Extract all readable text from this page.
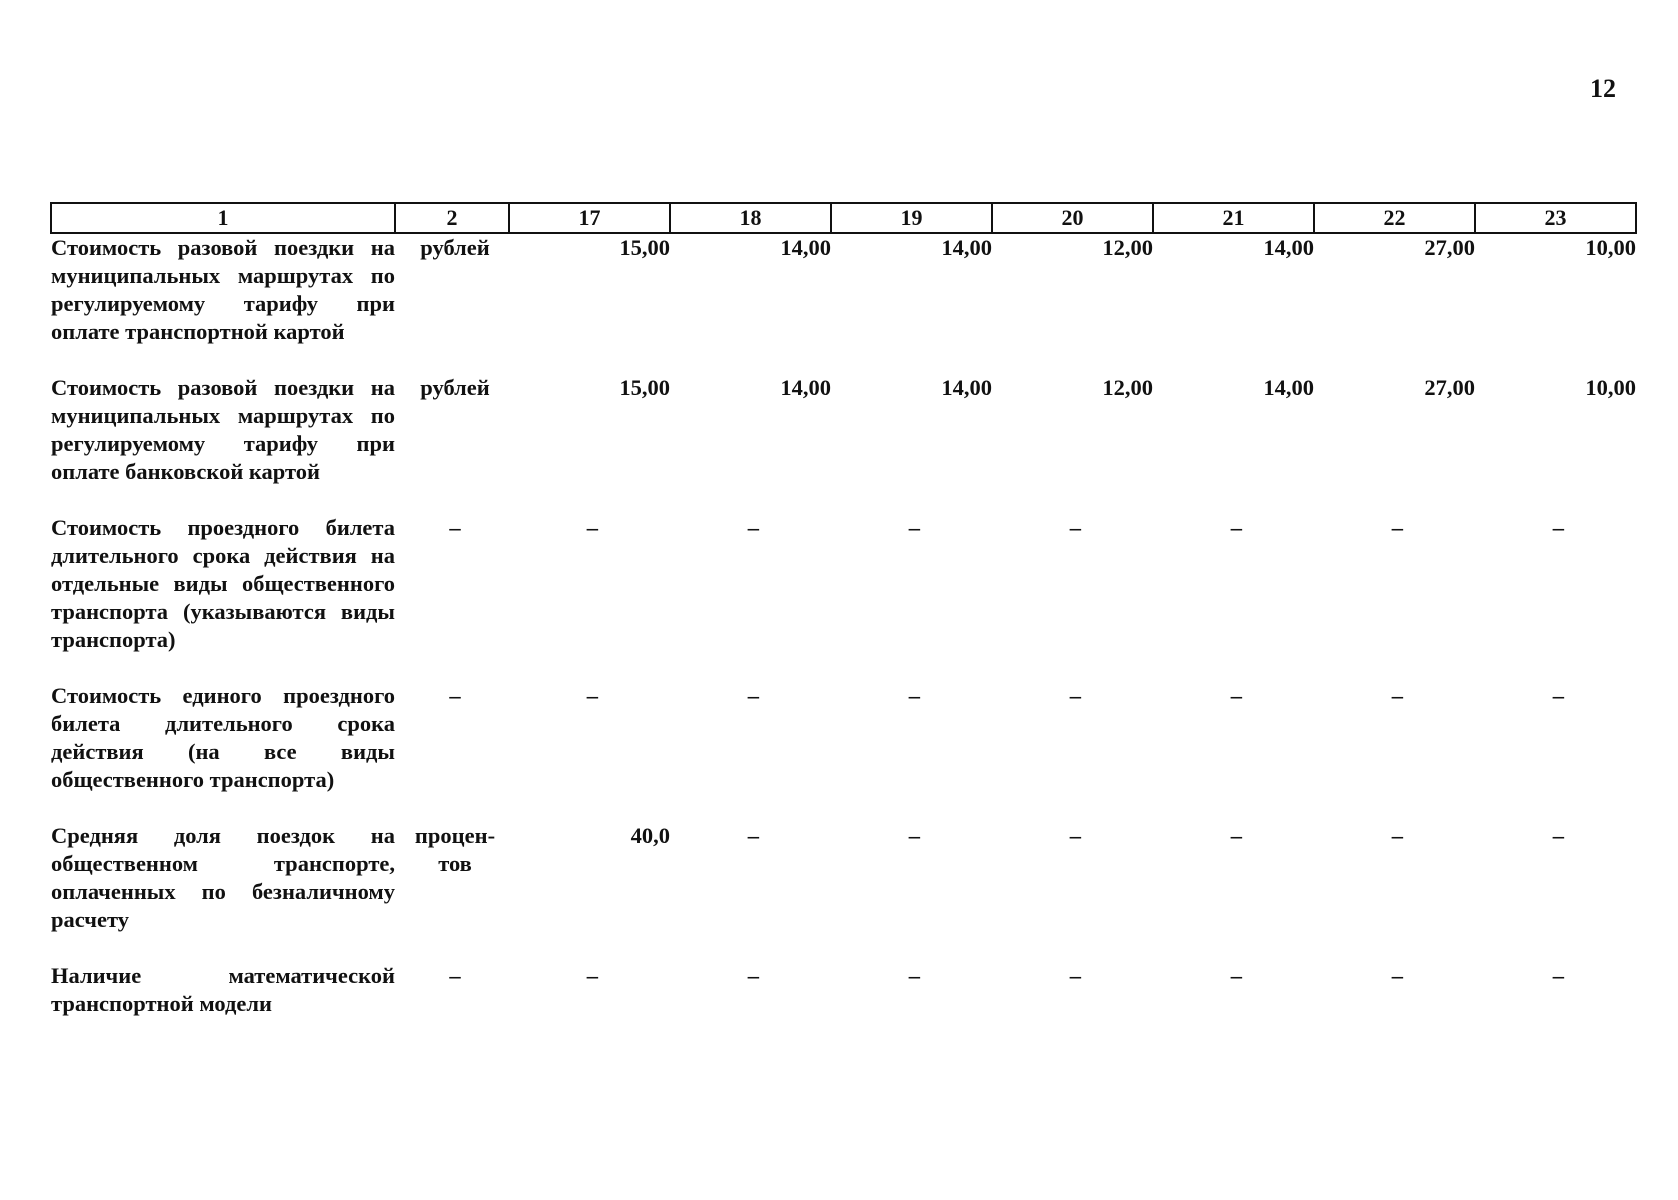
12
1	2	17	18	19	20	21	22	23
Стоимость разовой поездки на муниципальных маршрутах по регулируемому тарифу при оплате транспортной картой	рублей	15,00	14,00	14,00	12,00	14,00	27,00	10,00
Стоимость разовой поездки на муниципальных маршрутах по регулируемому тарифу при оплате банковской картой	рублей	15,00	14,00	14,00	12,00	14,00	27,00	10,00
Стоимость проездного билета длительного срока действия на отдельные виды общественного транспорта (указываются виды транспорта)	–	–	–	–	–	–	–	–
Стоимость единого проездного билета длительного срока действия (на все виды общественного транспорта)	–	–	–	–	–	–	–	–
Средняя доля поездок на общественном транспорте, оплаченных по безналичному расчету	процен-тов	40,0	–	–	–	–	–	–
Наличие математической транспортной модели	–	–	–	–	–	–	–	–
